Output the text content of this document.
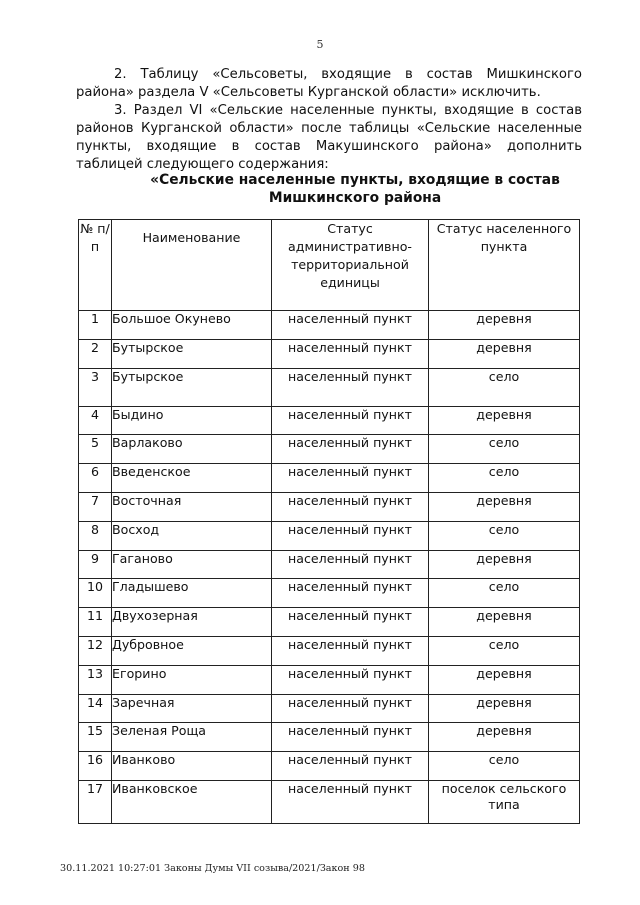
5
2. Таблицу «Сельсоветы, входящие в состав Мишкинского района» раздела V «Сельсоветы Курганской области» исключить.
3. Раздел VI «Сельские населенные пункты, входящие в состав районов Курганской области» после таблицы «Сельские населенные пункты, входящие в состав Макушинского района» дополнить таблицей следующего содержания:
«Сельские населенные пункты, входящие в состав
Мишкинского района
№ п/п	Наименование	Статус административно-территориальной единицы	Статус населенного пункта
1	Большое Окунево	населенный пункт	деревня
2	Бутырское	населенный пункт	деревня
3	Бутырское	населенный пункт	село
4	Быдино	населенный пункт	деревня
5	Варлаково	населенный пункт	село
6	Введенское	населенный пункт	село
7	Восточная	населенный пункт	деревня
8	Восход	населенный пункт	село
9	Гаганово	населенный пункт	деревня
10	Гладышево	населенный пункт	село
11	Двухозерная	населенный пункт	деревня
12	Дубровное	населенный пункт	село
13	Егорино	населенный пункт	деревня
14	Заречная	населенный пункт	деревня
15	Зеленая Роща	населенный пункт	деревня
16	Иванково	населенный пункт	село
17	Иванковское	населенный пункт	поселок сельского типа
30.11.2021 10:27:01 Законы Думы VII созыва/2021/Закон 98
